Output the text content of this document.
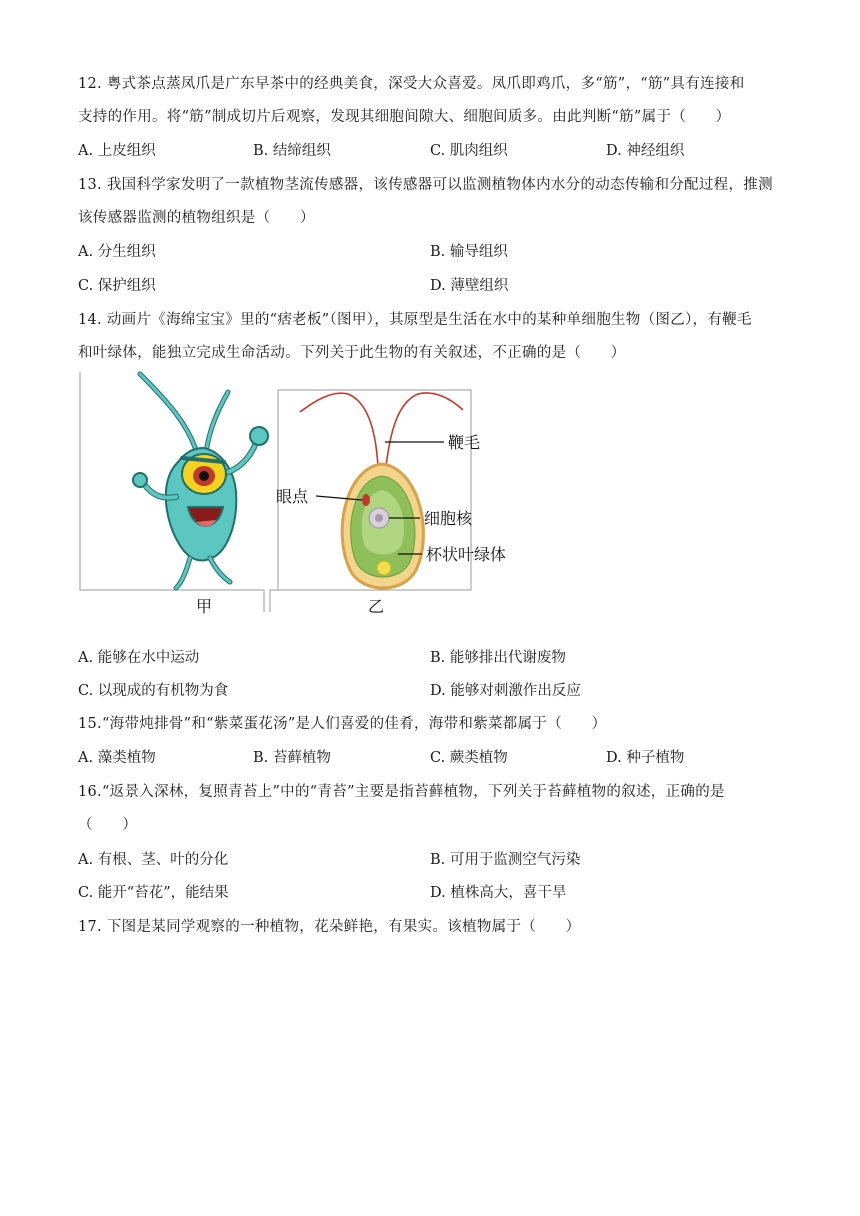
12. 粤式茶点蒸凤爪是广东早茶中的经典美食，深受大众喜爱。凤爪即鸡爪，多“筋”，“筋”具有连接和
支持的作用。将“筋”制成切片后观察，发现其细胞间隙大、细胞间质多。由此判断“筋”属于（　　）
A. 上皮组织	B. 结缔组织	C. 肌肉组织	D. 神经组织
13. 我国科学家发明了一款植物茎流传感器，该传感器可以监测植物体内水分的动态传输和分配过程，推测
该传感器监测的植物组织是（　　）
A. 分生组织	B. 输导组织
C. 保护组织	D. 薄壁组织
14. 动画片《海绵宝宝》里的“痞老板”（图甲），其原型是生活在水中的某种单细胞生物（图乙），有鞭毛
和叶绿体，能独立完成生命活动。下列关于此生物的有关叙述，不正确的是（　　）
鞭毛
眼点
细胞核
杯状叶绿体
甲	乙
A. 能够在水中运动	B. 能够排出代谢废物
C. 以现成的有机物为食	D. 能够对刺激作出反应
15.“海带炖排骨”和“紫菜蛋花汤”是人们喜爱的佳肴，海带和紫菜都属于（　　）
A. 藻类植物	B. 苔藓植物	C. 蕨类植物	D. 种子植物
16.“返景入深林，复照青苔上”中的“青苔”主要是指苔藓植物，下列关于苔藓植物的叙述，正确的是
（　　）
A. 有根、茎、叶的分化	B. 可用于监测空气污染
C. 能开“苔花”，能结果	D. 植株高大，喜干旱
17. 下图是某同学观察的一种植物，花朵鲜艳，有果实。该植物属于（　　）
